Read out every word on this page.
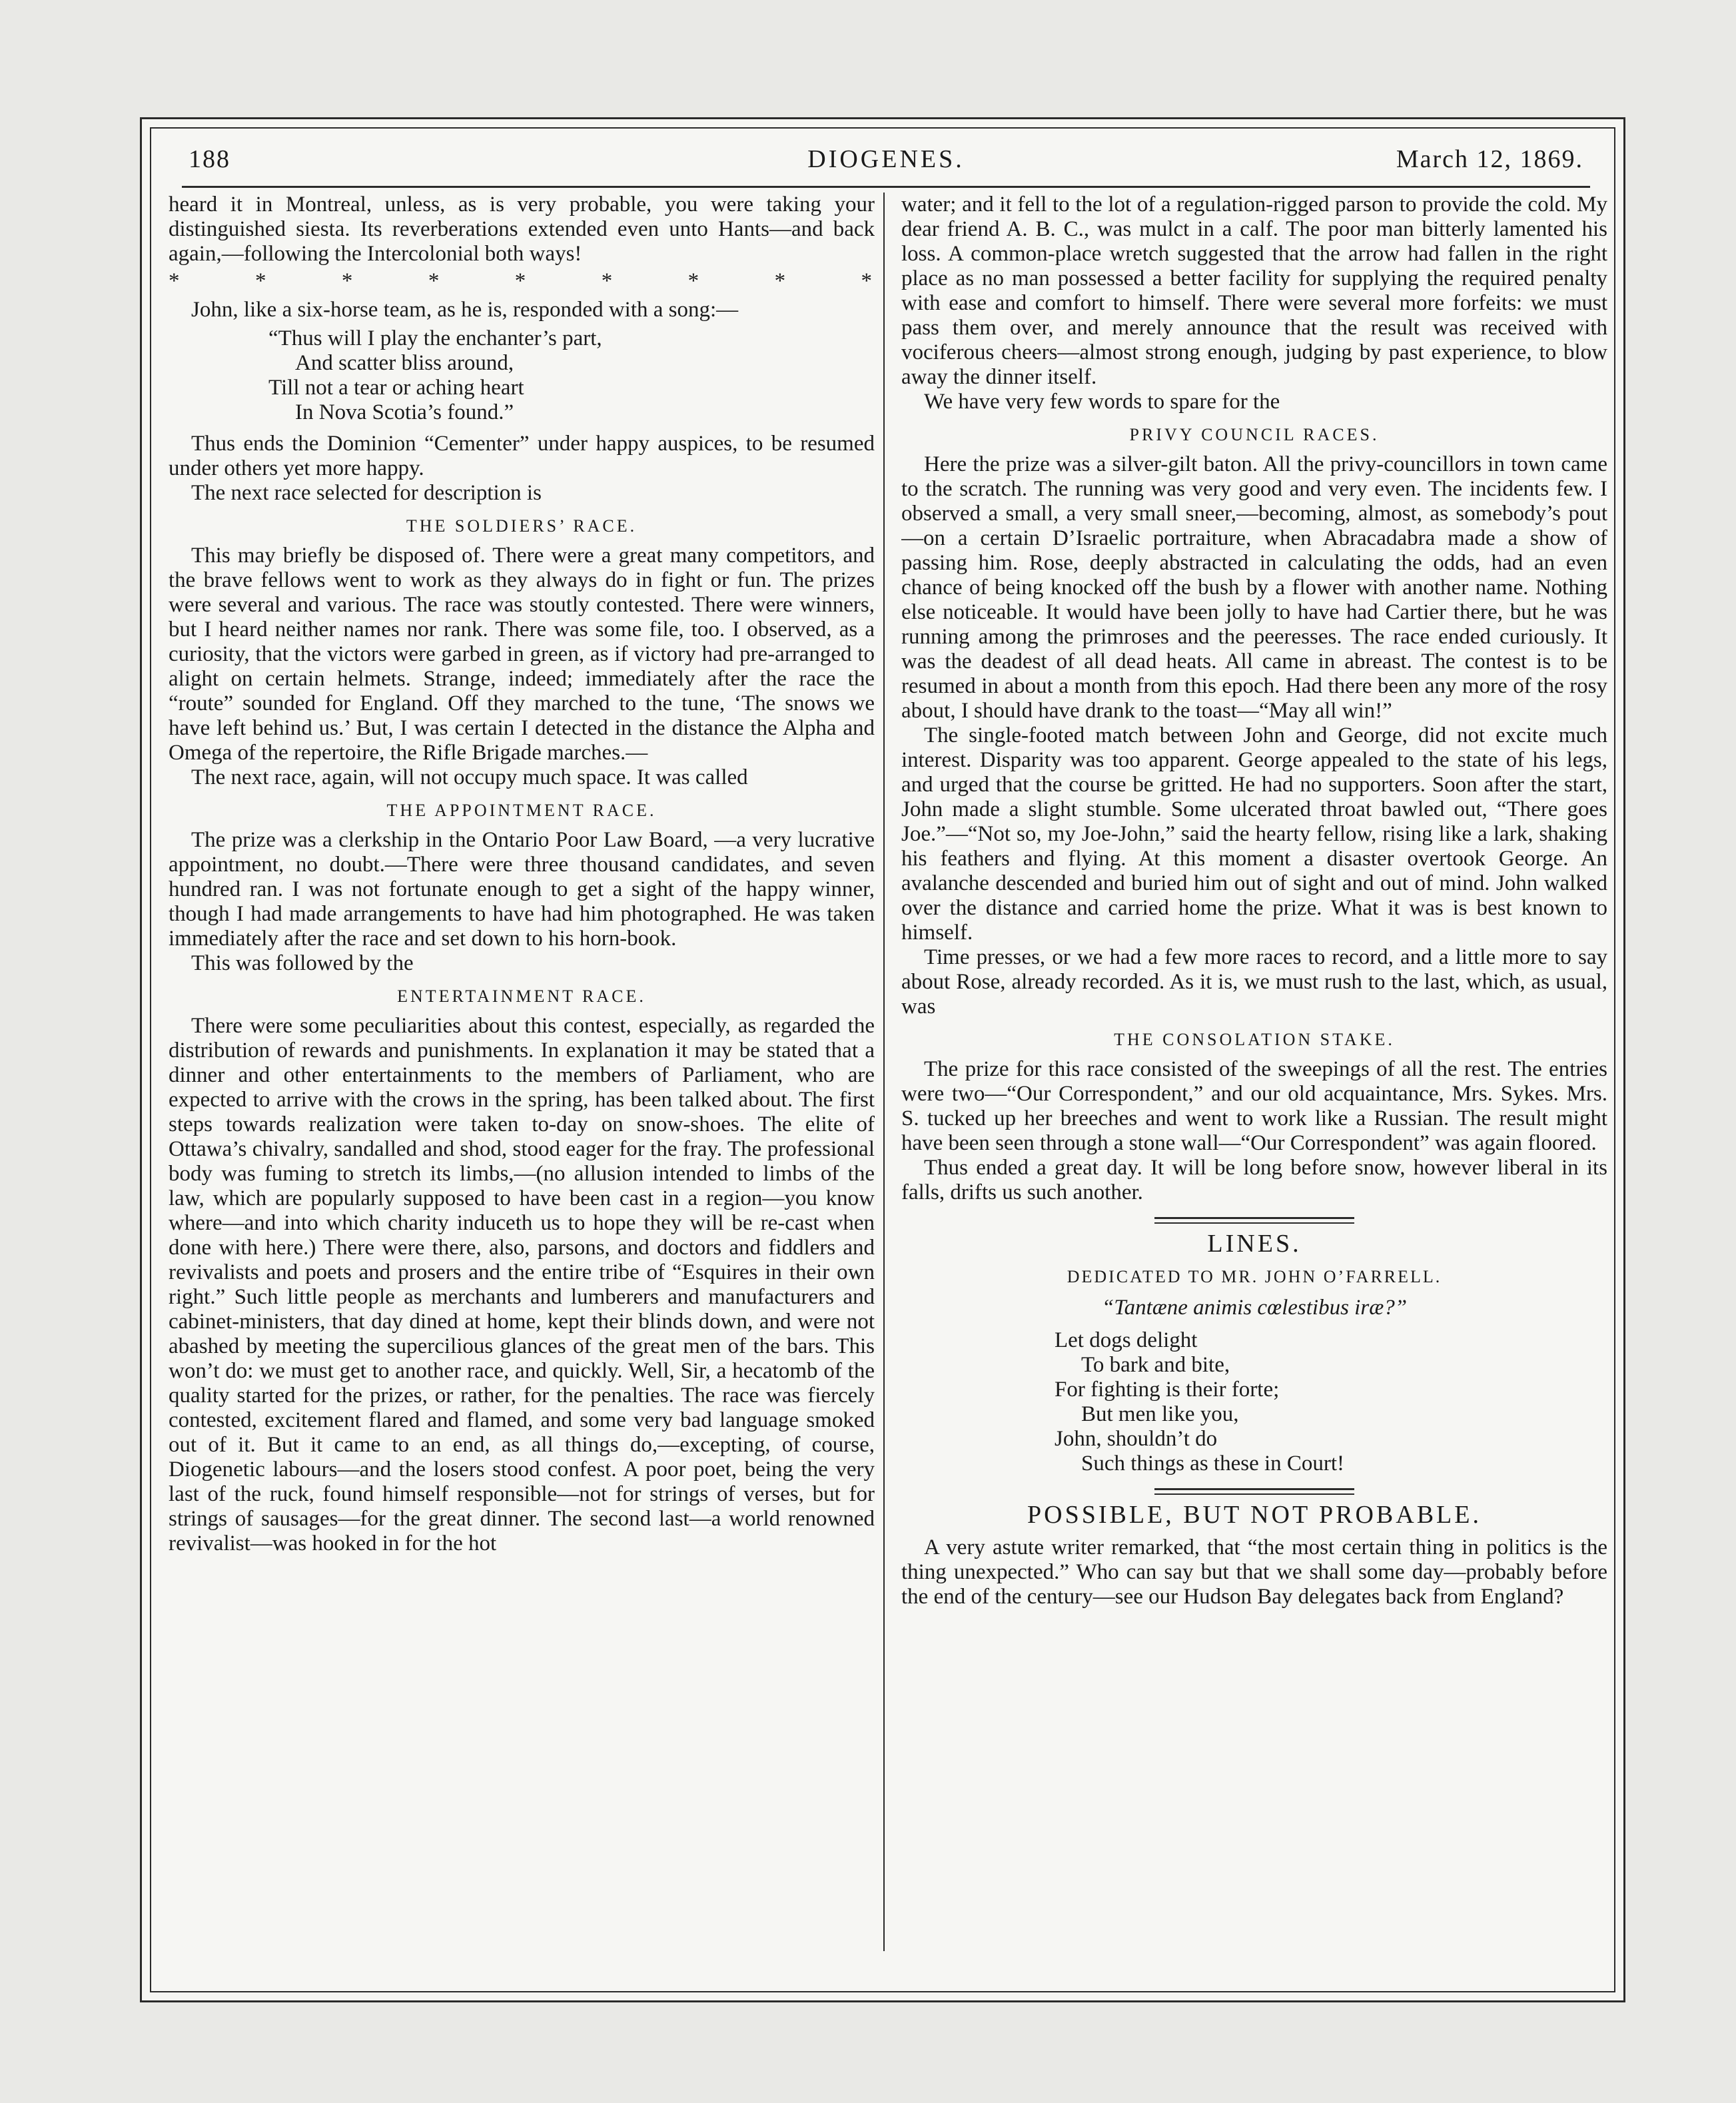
188	DIOGENES.	March 12, 1869.

heard it in Montreal, unless, as is very probable, you were taking your distinguished siesta. Its reverberations extended even unto Hants—and back again,—following the Intercolonial both ways!

* * * * * * * * *

John, like a six-horse team, as he is, responded with a song:—

“Thus will I play the enchanter’s part,
And scatter bliss around,
Till not a tear or aching heart
In Nova Scotia’s found.”

Thus ends the Dominion “Cementer” under happy auspices, to be resumed under others yet more happy.

The next race selected for description is

THE SOLDIERS’ RACE.

This may briefly be disposed of. There were a great many competitors, and the brave fellows went to work as they always do in fight or fun. The prizes were several and various. The race was stoutly contested. There were winners, but I heard neither names nor rank. There was some file, too. I observed, as a curiosity, that the victors were garbed in green, as if victory had pre-arranged to alight on certain helmets. Strange, indeed; immediately after the race the “route” sounded for England. Off they marched to the tune, ‘The snows we have left behind us.’ But, I was certain I detected in the distance the Alpha and Omega of the repertoire, the Rifle Brigade marches.—

The next race, again, will not occupy much space. It was called

THE APPOINTMENT RACE.

The prize was a clerkship in the Ontario Poor Law Board, —a very lucrative appointment, no doubt.—There were three thousand candidates, and seven hundred ran. I was not fortunate enough to get a sight of the happy winner, though I had made arrangements to have had him photographed. He was taken immediately after the race and set down to his horn-book.

This was followed by the

ENTERTAINMENT RACE.

There were some peculiarities about this contest, especially, as regarded the distribution of rewards and punishments. In explanation it may be stated that a dinner and other entertainments to the members of Parliament, who are expected to arrive with the crows in the spring, has been talked about. The first steps towards realization were taken to-day on snow-shoes. The elite of Ottawa’s chivalry, sandalled and shod, stood eager for the fray. The professional body was fuming to stretch its limbs,—(no allusion intended to limbs of the law, which are popularly supposed to have been cast in a region—you know where—and into which charity induceth us to hope they will be re-cast when done with here.) There were there, also, parsons, and doctors and fiddlers and revivalists and poets and prosers and the entire tribe of “Esquires in their own right.” Such little people as merchants and lumberers and manufacturers and cabinet-ministers, that day dined at home, kept their blinds down, and were not abashed by meeting the supercilious glances of the great men of the bars. This won’t do: we must get to another race, and quickly. Well, Sir, a hecatomb of the quality started for the prizes, or rather, for the penalties. The race was fiercely contested, excitement flared and flamed, and some very bad language smoked out of it. But it came to an end, as all things do,—excepting, of course, Diogenetic labours—and the losers stood confest. A poor poet, being the very last of the ruck, found himself responsible—not for strings of verses, but for strings of sausages—for the great dinner. The second last—a world renowned revivalist—was hooked in for the hot

water; and it fell to the lot of a regulation-rigged parson to provide the cold. My dear friend A. B. C., was mulct in a calf. The poor man bitterly lamented his loss. A common-place wretch suggested that the arrow had fallen in the right place as no man possessed a better facility for supplying the required penalty with ease and comfort to himself. There were several more forfeits: we must pass them over, and merely announce that the result was received with vociferous cheers—almost strong enough, judging by past experience, to blow away the dinner itself.

We have very few words to spare for the

PRIVY COUNCIL RACES.

Here the prize was a silver-gilt baton. All the privy-councillors in town came to the scratch. The running was very good and very even. The incidents few. I observed a small, a very small sneer,—becoming, almost, as somebody’s pout—on a certain D’Israelic portraiture, when Abracadabra made a show of passing him. Rose, deeply abstracted in calculating the odds, had an even chance of being knocked off the bush by a flower with another name. Nothing else noticeable. It would have been jolly to have had Cartier there, but he was running among the primroses and the peeresses. The race ended curiously. It was the deadest of all dead heats. All came in abreast. The contest is to be resumed in about a month from this epoch. Had there been any more of the rosy about, I should have drank to the toast—“May all win!”

The single-footed match between John and George, did not excite much interest. Disparity was too apparent. George appealed to the state of his legs, and urged that the course be gritted. He had no supporters. Soon after the start, John made a slight stumble. Some ulcerated throat bawled out, “There goes Joe.”—“Not so, my Joe-John,” said the hearty fellow, rising like a lark, shaking his feathers and flying. At this moment a disaster overtook George. An avalanche descended and buried him out of sight and out of mind. John walked over the distance and carried home the prize. What it was is best known to himself.

Time presses, or we had a few more races to record, and a little more to say about Rose, already recorded. As it is, we must rush to the last, which, as usual, was

THE CONSOLATION STAKE.

The prize for this race consisted of the sweepings of all the rest. The entries were two—“Our Correspondent,” and our old acquaintance, Mrs. Sykes. Mrs. S. tucked up her breeches and went to work like a Russian. The result might have been seen through a stone wall—“Our Correspondent” was again floored.

Thus ended a great day. It will be long before snow, however liberal in its falls, drifts us such another.

LINES.
DEDICATED TO MR. JOHN O’FARRELL.
“Tantæne animis cœlestibus iræ?”
Let dogs delight
To bark and bite,
For fighting is their forte;
But men like you,
John, shouldn’t do
Such things as these in Court!
POSSIBLE, BUT NOT PROBABLE.

A very astute writer remarked, that “the most certain thing in politics is the thing unexpected.” Who can say but that we shall some day—probably before the end of the century—see our Hudson Bay delegates back from England?
